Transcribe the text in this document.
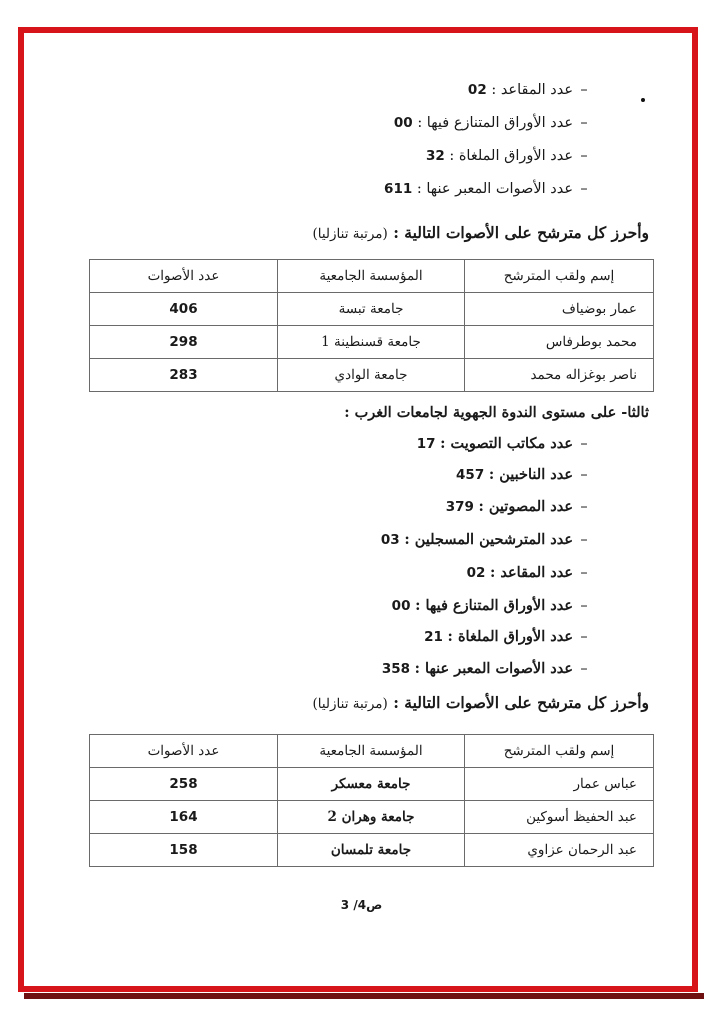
–عدد المقاعد : 02
–عدد الأوراق المتنازع فيها : 00
–عدد الأوراق الملغاة : 32
–عدد الأصوات المعبر عنها : 611
وأحرز كل مترشح على الأصوات التالية : (مرتبة تنازليا)
إسم ولقب المترشح	المؤسسة الجامعية	عدد الأصوات
عمار بوضياف	جامعة تبسة	406
محمد بوطرفاس	جامعة قسنطينة 1	298
ناصر بوغزاله محمد	جامعة الوادي	283
ثالثا- على مستوى الندوة الجهوية لجامعات الغرب :
–عدد مكاتب التصويت : 17
–عدد الناخبين : 457
–عدد المصوتين : 379
–عدد المترشحين المسجلين : 03
–عدد المقاعد : 02
–عدد الأوراق المتنازع فيها : 00
–عدد الأوراق الملغاة : 21
–عدد الأصوات المعبر عنها : 358
وأحرز كل مترشح على الأصوات التالية : (مرتبة تنازليا)
إسم ولقب المترشح	المؤسسة الجامعية	عدد الأصوات
عباس عمار	جامعة معسكر	258
عبد الحفيظ أسوكين	جامعة وهران 2	164
عبد الرحمان عزاوي	جامعة تلمسان	158
ص4/ 3
